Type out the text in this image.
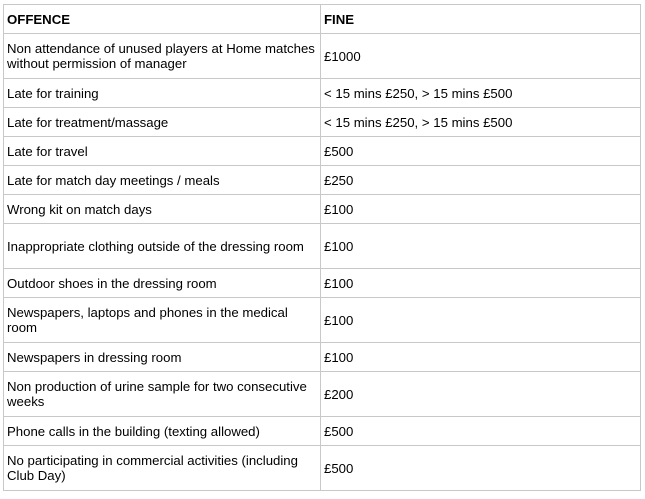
OFFENCE	FINE
Non attendance of unused players at Home matches without permission of manager	£1000
Late for training	< 15 mins £250, > 15 mins £500
Late for treatment/massage	< 15 mins £250, > 15 mins £500
Late for travel	£500
Late for match day meetings / meals	£250
Wrong kit on match days	£100
Inappropriate clothing outside of the dressing room	£100
Outdoor shoes in the dressing room	£100
Newspapers, laptops and phones in the medical room	£100
Newspapers in dressing room	£100
Non production of urine sample for two consecutive weeks	£200
Phone calls in the building (texting allowed)	£500
No participating in commercial activities (including Club Day)	£500
